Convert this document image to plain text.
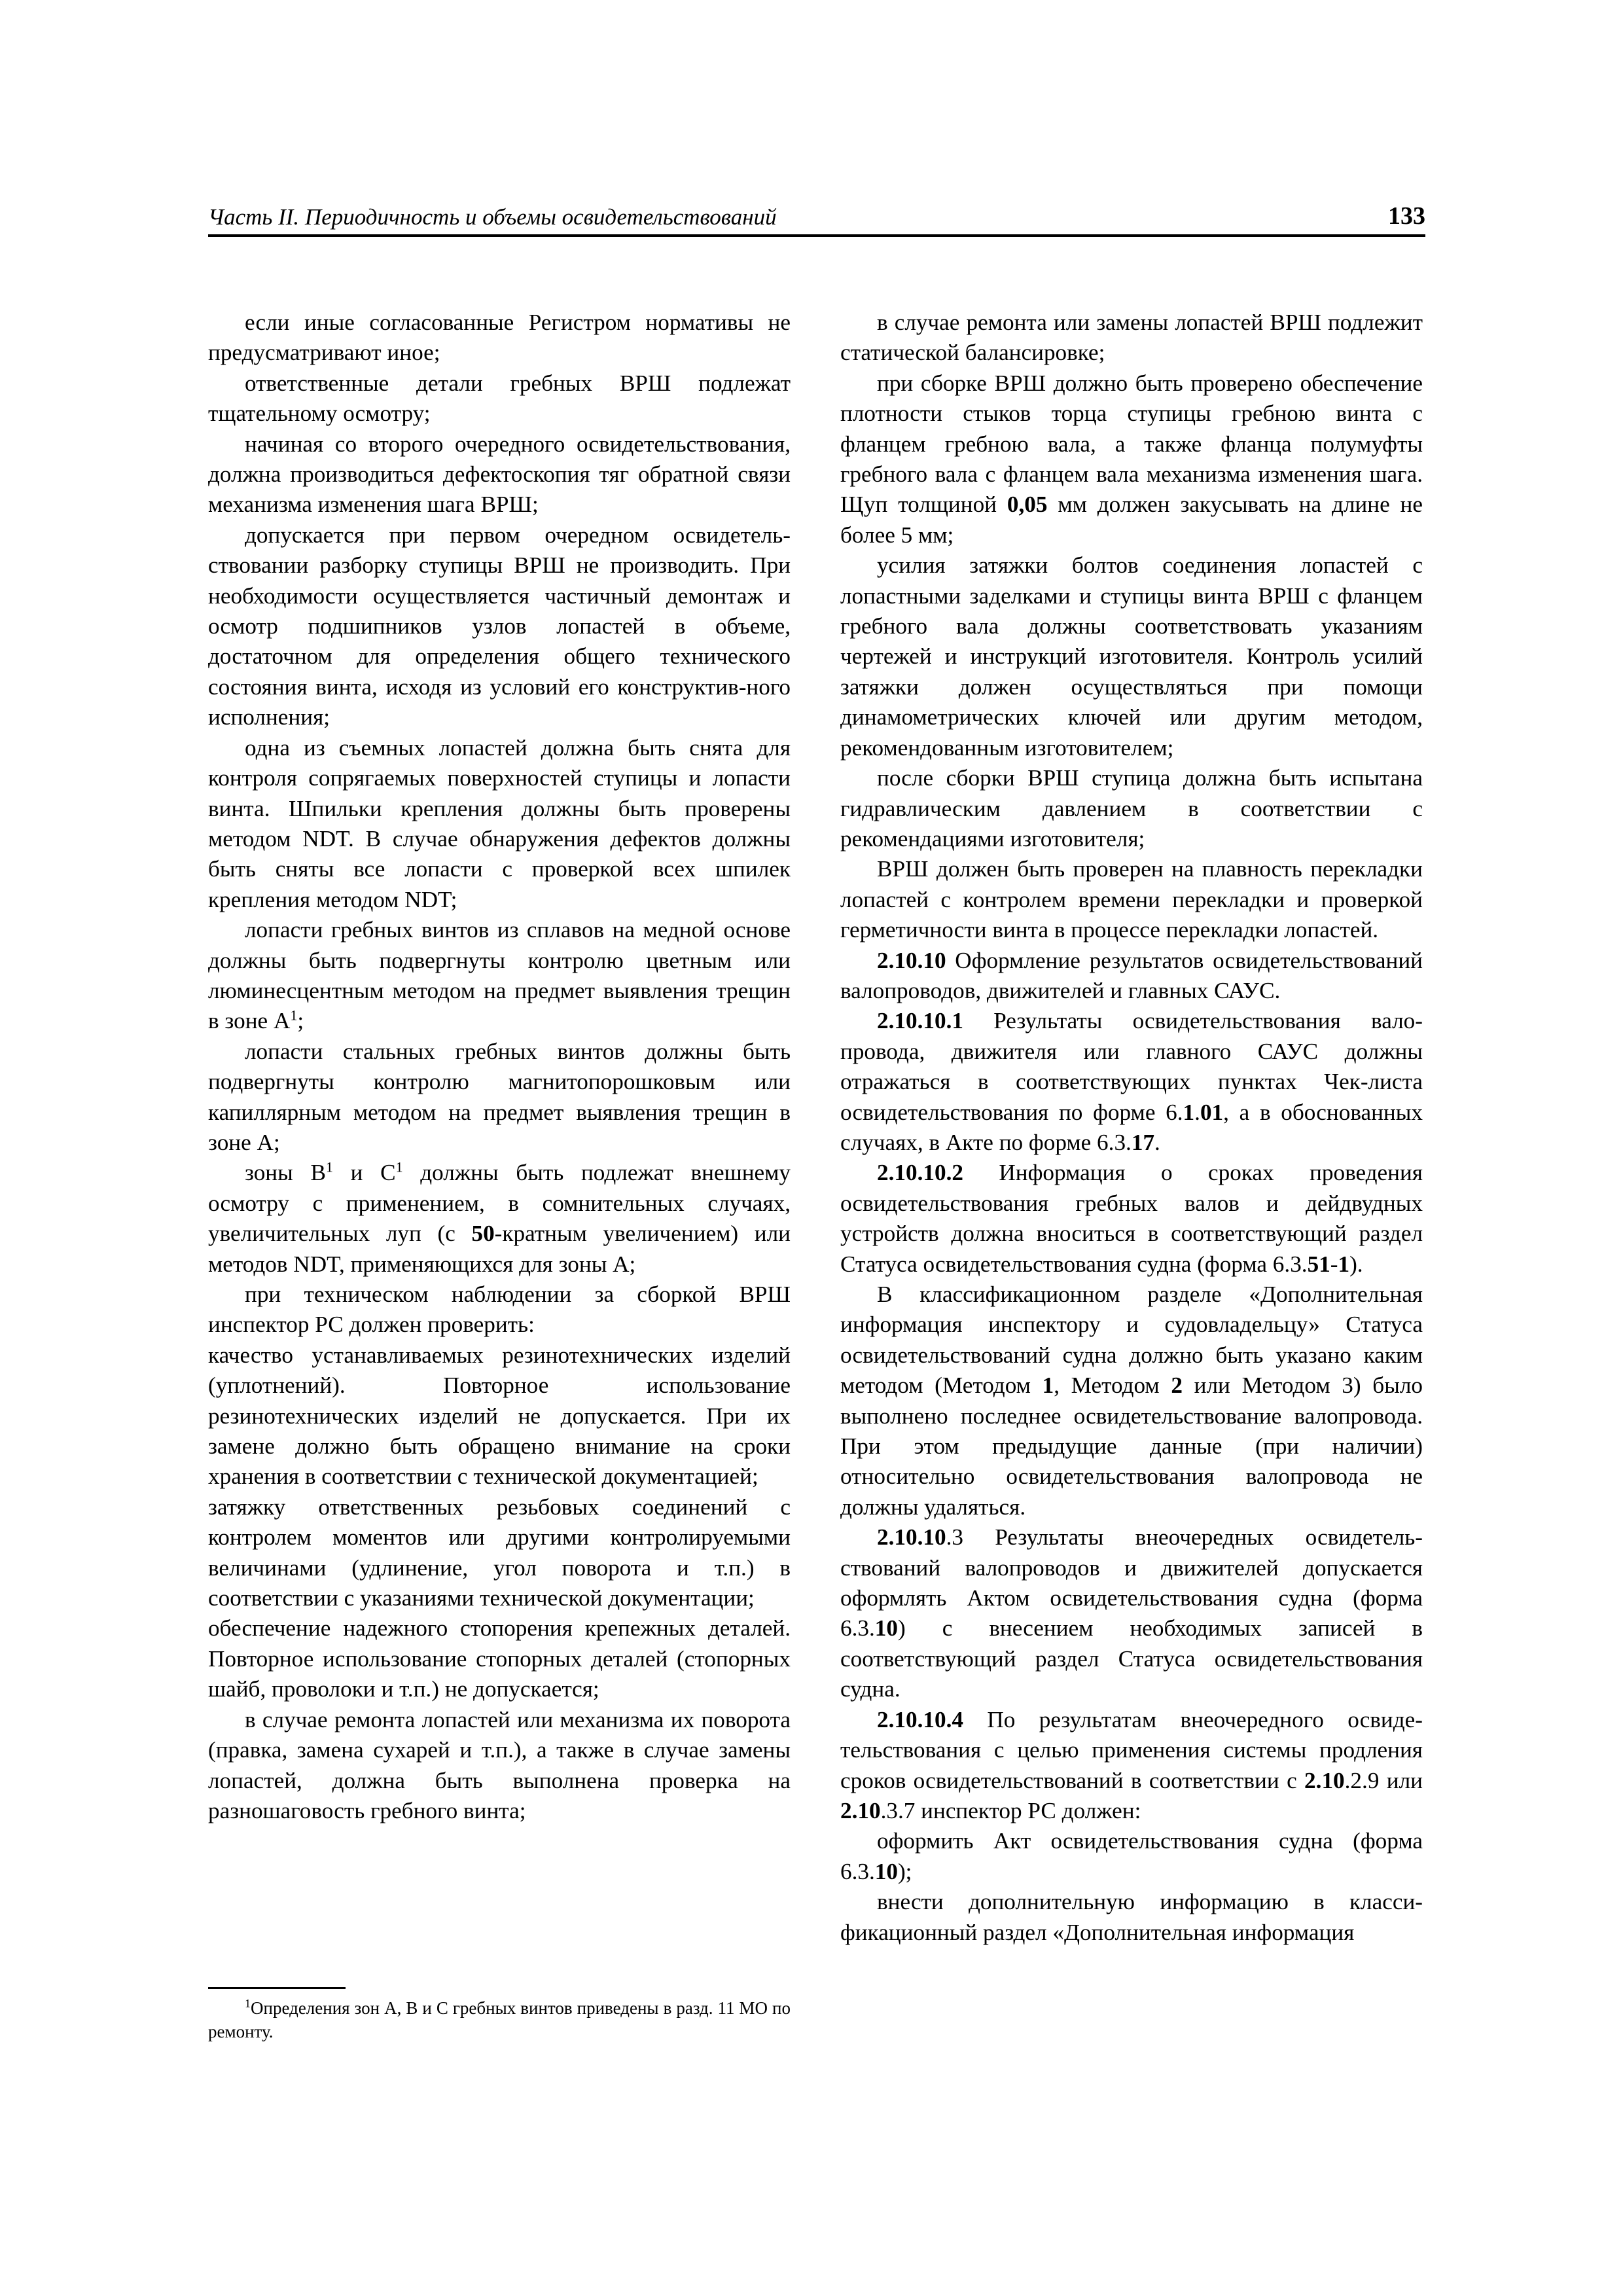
Часть II. Периодичность и объемы освидетельствований	133

если иные согласованные Регистром нормативы не предусматривают иное;

ответственные детали гребных ВРШ подлежат тщательному осмотру;

начиная со второго очередного освидетельствования, должна производиться дефектоскопия тяг обратной связи механизма изменения шага ВРШ;

допускается при первом очередном освидетельствовании разборку ступицы ВРШ не производить. При необходимости осуществляется частичный демонтаж и осмотр подшипников узлов лопастей в объеме, достаточном для определения общего технического состояния винта, исходя из условий его конструктив-ного исполнения;

одна из съемных лопастей должна быть снята для контроля сопрягаемых поверхностей ступицы и лопасти винта. Шпильки крепления должны быть проверены методом NDT. В случае обнаружения дефектов должны быть сняты все лопасти с проверкой всех шпилек крепления методом NDT;

лопасти гребных винтов из сплавов на медной основе должны быть подвергнуты контролю цветным или люминесцентным методом на предмет выявления трещин в зоне $А^1$;

лопасти стальных гребных винтов должны быть подвергнуты контролю магнитопорошковым или капиллярным методом на предмет выявления трещин в зоне А;

зоны $В^1$ и $С^1$ должны быть подлежат внешнему осмотру с применением, в сомнительных случаях, увеличительных луп (с 50-кратным увеличением) или методов NDT, применяющихся для зоны А;

при техническом наблюдении за сборкой ВРШ инспектор РС должен проверить:

качество устанавливаемых резинотехнических изделий (уплотнений). Повторное использование резинотехнических изделий не допускается. При их замене должно быть обращено внимание на сроки хранения в соответствии с технической документацией;

затяжку ответственных резьбовых соединений с контролем моментов или другими контролируемыми величинами (удлинение, угол поворота и т.п.) в соответствии с указаниями технической документации;

обеспечение надежного стопорения крепежных деталей. Повторное использование стопорных деталей (стопорных шайб, проволоки и т.п.) не допускается;

в случае ремонта лопастей или механизма их поворота (правка, замена сухарей и т.п.), а также в случае замены лопастей, должна быть выполнена проверка на разношаговость гребного винта;

$^1$Определения зон А, В и С гребных винтов приведены в разд. 11 МО по ремонту.

в случае ремонта или замены лопастей ВРШ подлежит статической балансировке;

при сборке ВРШ должно быть проверено обеспечение плотности стыков торца ступицы гребною винта с фланцем гребною вала, а также фланца полумуфты гребного вала с фланцем вала механизма изменения шага. Щуп толщиной 0,05 мм должен закусывать на длине не более 5 мм;

усилия затяжки болтов соединения лопастей с лопастными заделками и ступицы винта ВРШ с фланцем гребного вала должны соответствовать указаниям чертежей и инструкций изготовителя. Контроль усилий затяжки должен осуществляться при помощи динамометрических ключей или другим методом, рекомендованным изготовителем;

после сборки ВРШ ступица должна быть испытана гидравлическим давлением в соответствии с рекомендациями изготовителя;

ВРШ должен быть проверен на плавность перекладки лопастей с контролем времени перекладки и проверкой герметичности винта в процессе перекладки лопастей.

2.10.10 Оформление результатов освидетельствований валопроводов, движителей и главных САУС.

2.10.10.1 Результаты освидетельствования валопровода, движителя или главного САУС должны отражаться в соответствующих пунктах Чек-листа освидетельствования по форме 6.1.01, а в обоснованных случаях, в Акте по форме 6.3.17.

2.10.10.2 Информация о сроках проведения освидетельствования гребных валов и дейдвудных устройств должна вноситься в соответствующий раздел Статуса освидетельствования судна (форма 6.3.51-1).

В классификационном разделе «Дополнительная информация инспектору и судовладельцу» Статуса освидетельствований судна должно быть указано каким методом (Методом 1, Методом 2 или Методом 3) было выполнено последнее освидетельствование валопровода. При этом предыдущие данные (при наличии) относительно освидетельствования валопровода не должны удаляться.

2.10.10.3 Результаты внеочередных освидетельствований валопроводов и движителей допускается оформлять Актом освидетельствования судна (форма 6.3.10) с внесением необходимых записей в соответствующий раздел Статуса освидетельствования судна.

2.10.10.4 По результатам внеочередного освидетельствования с целью применения системы продления сроков освидетельствований в соответствии с 2.10.2.9 или 2.10.3.7 инспектор РС должен:

оформить Акт освидетельствования судна (форма 6.3.10);

внести дополнительную информацию в классификационный раздел «Дополнительная информация
